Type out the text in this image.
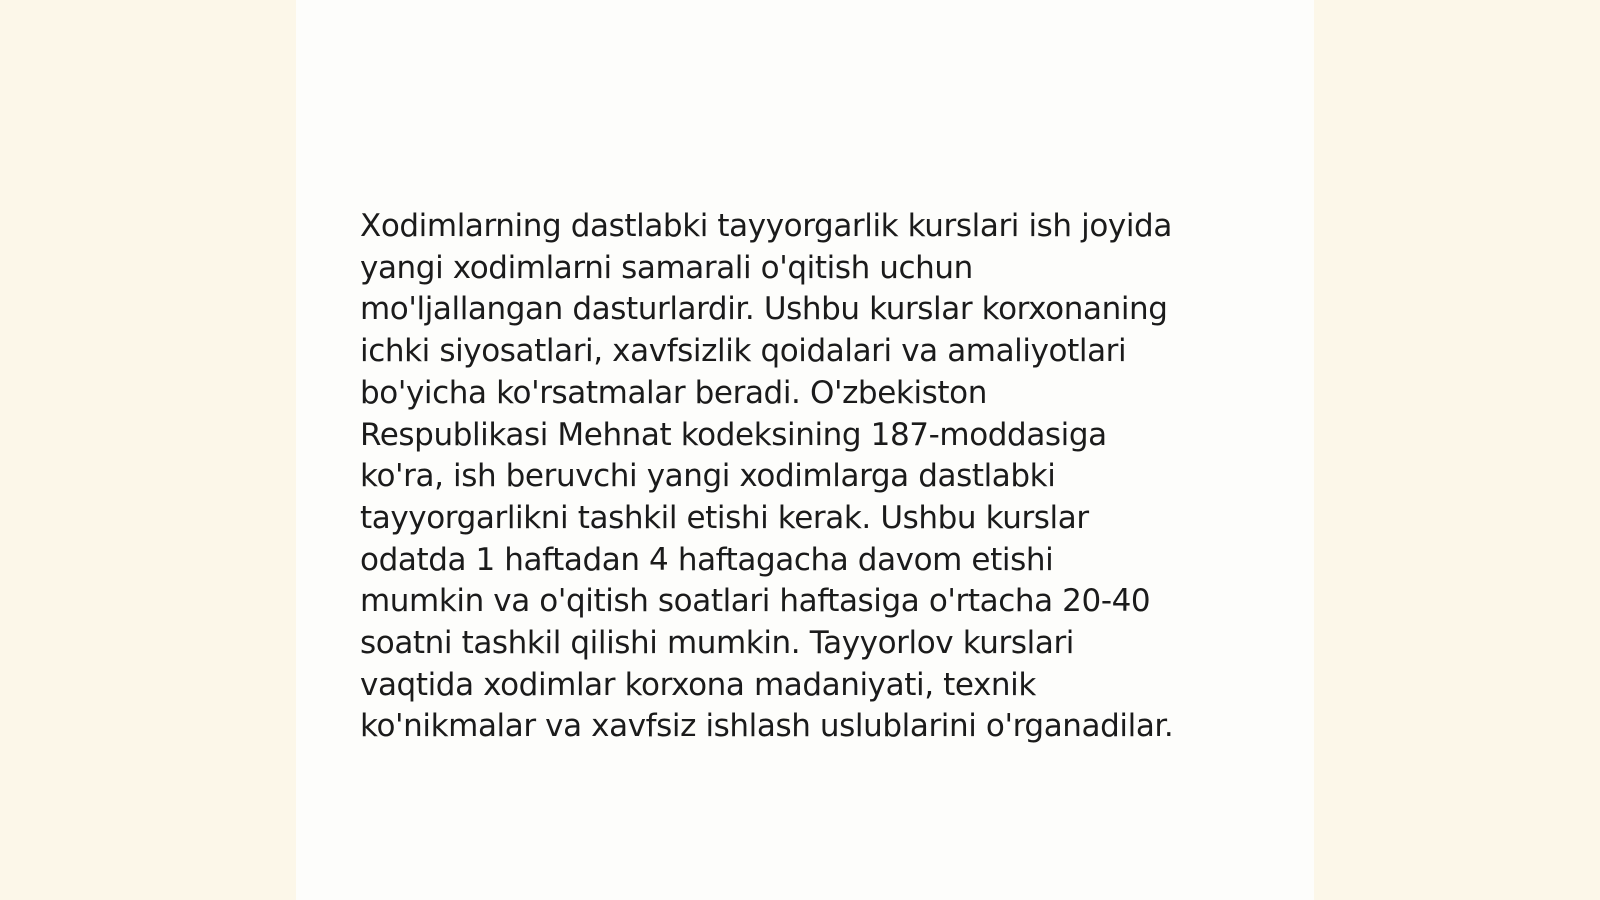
Xodimlarning dastlabki tayyorgarlik kurslari ish joyida
yangi xodimlarni samarali o'qitish uchun
mo'ljallangan dasturlardir. Ushbu kurslar korxonaning
ichki siyosatlari, xavfsizlik qoidalari va amaliyotlari
bo'yicha ko'rsatmalar beradi. O'zbekiston
Respublikasi Mehnat kodeksining 187-moddasiga
ko'ra, ish beruvchi yangi xodimlarga dastlabki
tayyorgarlikni tashkil etishi kerak. Ushbu kurslar
odatda 1 haftadan 4 haftagacha davom etishi
mumkin va o'qitish soatlari haftasiga o'rtacha 20-40
soatni tashkil qilishi mumkin. Tayyorlov kurslari
vaqtida xodimlar korxona madaniyati, texnik
ko'nikmalar va xavfsiz ishlash uslublarini o'rganadilar.
